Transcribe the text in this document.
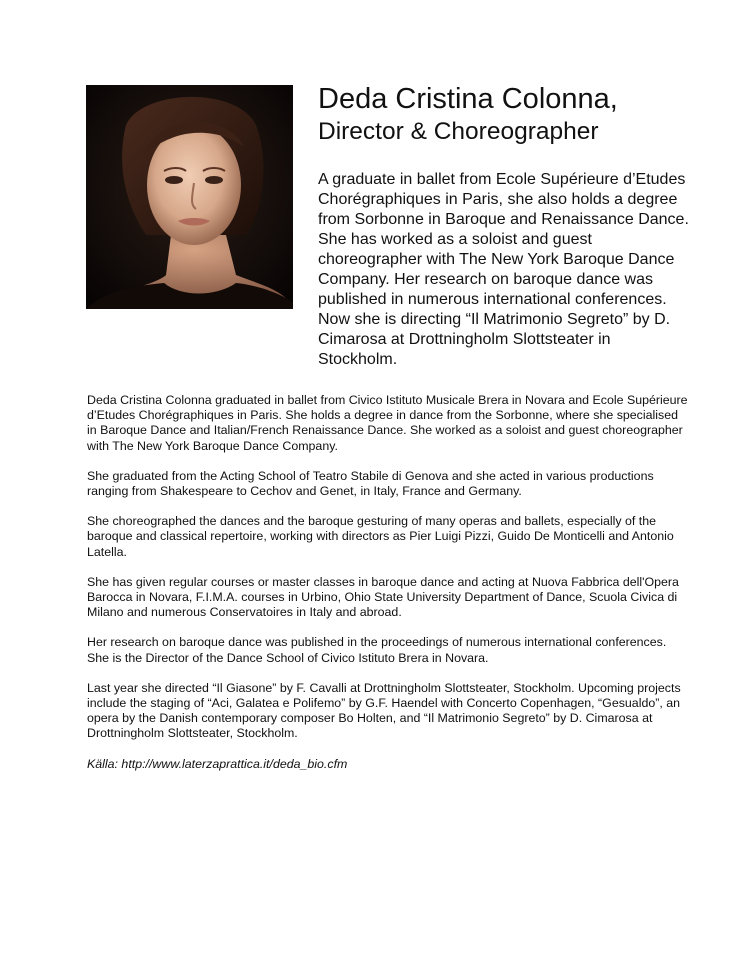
Deda Cristina Colonna,
Director & Choreographer

A graduate in ballet from Ecole Supérieure d’Etudes Chorégraphiques in Paris, she also holds a degree from Sorbonne in Baroque and Renaissance Dance. She has worked as a soloist and guest choreographer with The New York Baroque Dance Company. Her research on baroque dance was published in numerous international conferences. Now she is directing “Il Matrimonio Segreto” by D. Cimarosa at Drottningholm Slottsteater in Stockholm.

Deda Cristina Colonna graduated in ballet from Civico Istituto Musicale Brera in Novara and Ecole Supérieure d’Etudes Chorégraphiques in Paris. She holds a degree in dance from the Sorbonne, where she specialised in Baroque Dance and Italian/French Renaissance Dance. She worked as a soloist and guest choreographer with The New York Baroque Dance Company.

She graduated from the Acting School of Teatro Stabile di Genova and she acted in various productions ranging from Shakespeare to Cechov and Genet, in Italy, France and Germany.

She choreographed the dances and the baroque gesturing of many operas and ballets, especially of the baroque and classical repertoire, working with directors as Pier Luigi Pizzi, Guido De Monticelli and Antonio Latella.

She has given regular courses or master classes in baroque dance and acting at Nuova Fabbrica dell'Opera Barocca in Novara, F.I.M.A. courses in Urbino, Ohio State University Department of Dance, Scuola Civica di Milano and numerous Conservatoires in Italy and abroad.

Her research on baroque dance was published in the proceedings of numerous international conferences. She is the Director of the Dance School of Civico Istituto Brera in Novara.

Last year she directed “Il Giasone” by F. Cavalli at Drottningholm Slottsteater, Stockholm. Upcoming projects include the staging of “Aci, Galatea e Polifemo” by G.F. Haendel with Concerto Copenhagen, “Gesualdo”, an opera by the Danish contemporary composer Bo Holten, and “Il Matrimonio Segreto” by D. Cimarosa at Drottningholm Slottsteater, Stockholm.

Källa: http://www.laterzaprattica.it/deda_bio.cfm
